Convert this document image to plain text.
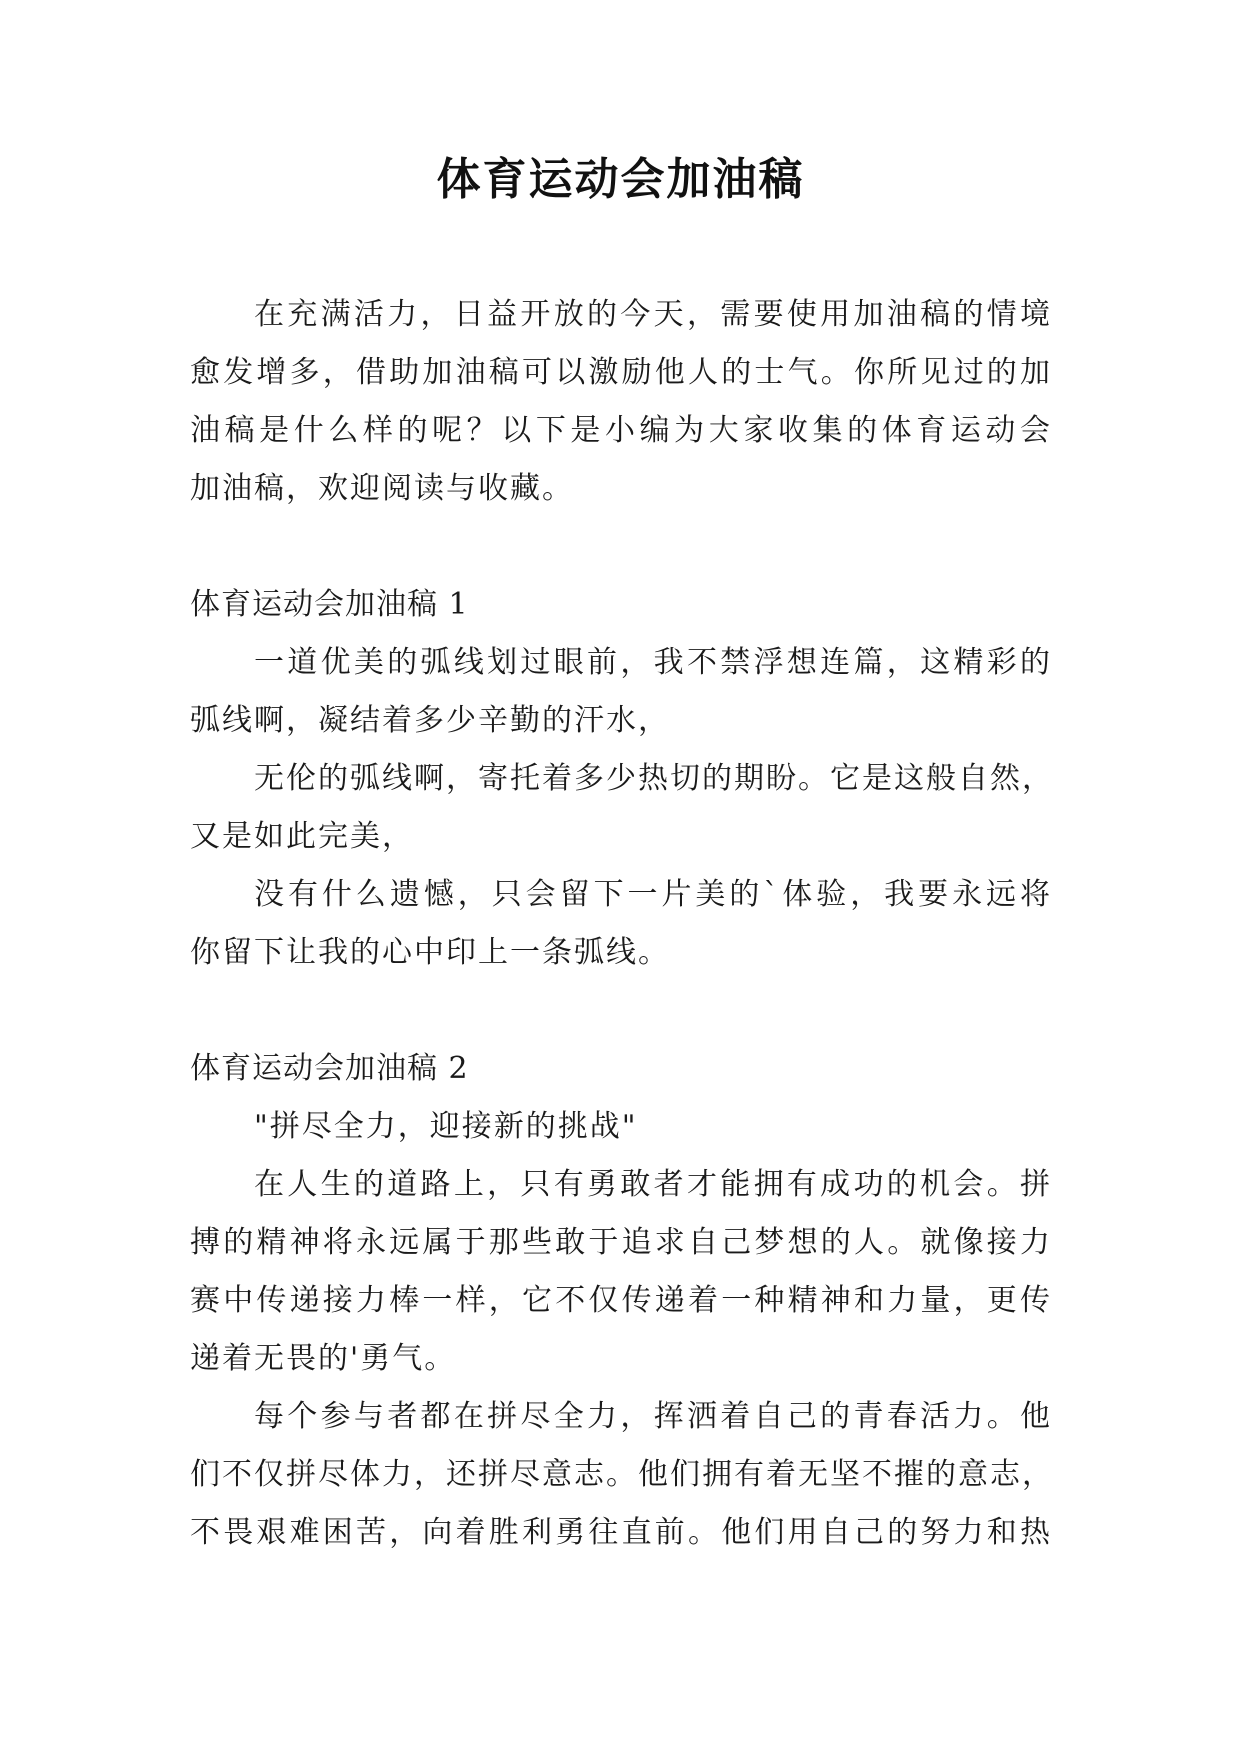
体育运动会加油稿
在充满活力，日益开放的今天，需要使用加油稿的情境
愈发增多，借助加油稿可以激励他人的士气。你所见过的加
油稿是什么样的呢？以下是小编为大家收集的体育运动会
加油稿，欢迎阅读与收藏。
体育运动会加油稿 1
一道优美的弧线划过眼前，我不禁浮想连篇，这精彩的
弧线啊，凝结着多少辛勤的汗水，
无伦的弧线啊，寄托着多少热切的期盼。它是这般自然，
又是如此完美，
没有什么遗憾，只会留下一片美的`体验，我要永远将
你留下让我的心中印上一条弧线。
体育运动会加油稿 2
"拼尽全力，迎接新的挑战"
在人生的道路上，只有勇敢者才能拥有成功的机会。拼
搏的精神将永远属于那些敢于追求自己梦想的人。就像接力
赛中传递接力棒一样，它不仅传递着一种精神和力量，更传
递着无畏的'勇气。
每个参与者都在拼尽全力，挥洒着自己的青春活力。他
们不仅拼尽体力，还拼尽意志。他们拥有着无坚不摧的意志，
不畏艰难困苦，向着胜利勇往直前。他们用自己的努力和热
